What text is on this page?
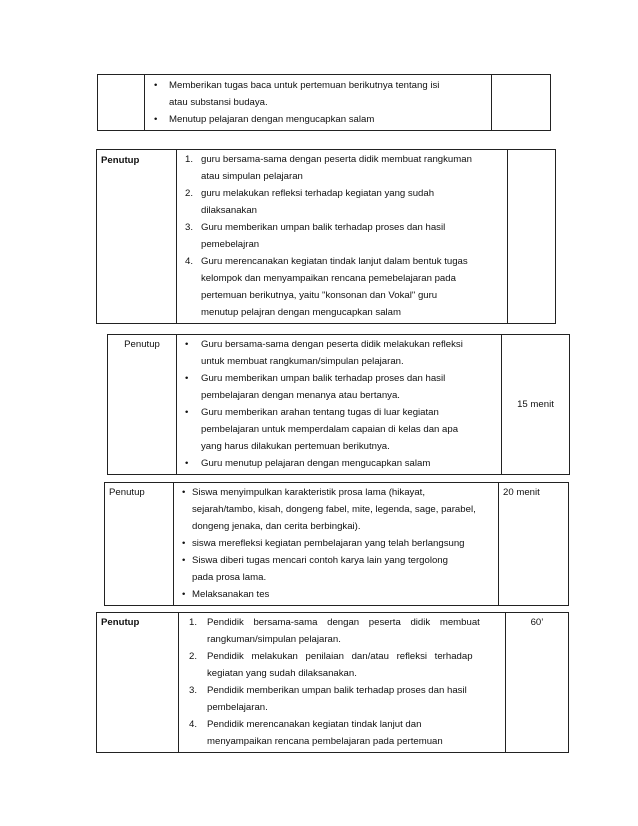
• Memberikan tugas baca untuk pertemuan berikutnya tentang isi
atau substansi budaya.
• Menutup pelajaran dengan mengucapkan salam

Penutup	1. guru bersama-sama dengan peserta didik membuat rangkuman
atau simpulan pelajaran
2. guru melakukan refleksi terhadap kegiatan yang sudah
dilaksanakan
3. Guru memberikan umpan balik terhadap proses dan hasil
pemebelajran
4. Guru merencanakan kegiatan tindak lanjut dalam bentuk tugas
kelompok dan menyampaikan rencana pemebelajaran pada
pertemuan berikutnya, yaitu "konsonan dan Vokal" guru
menutup pelajran dengan mengucapkan salam

Penutup	• Guru bersama-sama dengan peserta didik melakukan refleksi
untuk membuat rangkuman/simpulan pelajaran.
• Guru memberikan umpan balik terhadap proses dan hasil
pembelajaran dengan menanya atau bertanya.
• Guru memberikan arahan tentang tugas di luar kegiatan
pembelajaran untuk memperdalam capaian di kelas dan apa
yang harus dilakukan pertemuan berikutnya.
• Guru menutup pelajaran dengan mengucapkan salam
	15 menit
Penutup	• Siswa menyimpulkan karakteristik prosa lama (hikayat,
sejarah/tambo, kisah, dongeng fabel, mite, legenda, sage, parabel,
dongeng jenaka, dan cerita berbingkai).
• siswa merefleksi kegiatan pembelajaran yang telah berlangsung
• Siswa diberi tugas mencari contoh karya lain yang tergolong
pada prosa lama.
• Melaksanakan tes
	20 menit
Penutup	1. Pendidik bersama-sama dengan peserta didik membuat
rangkuman/simpulan pelajaran.
2. Pendidik melakukan penilaian dan/atau refleksi terhadap
kegiatan yang sudah dilaksanakan.
3. Pendidik memberikan umpan balik terhadap proses dan hasil
pembelajaran.
4. Pendidik merencanakan kegiatan tindak lanjut dan
menyampaikan rencana pembelajaran pada pertemuan
	60’
